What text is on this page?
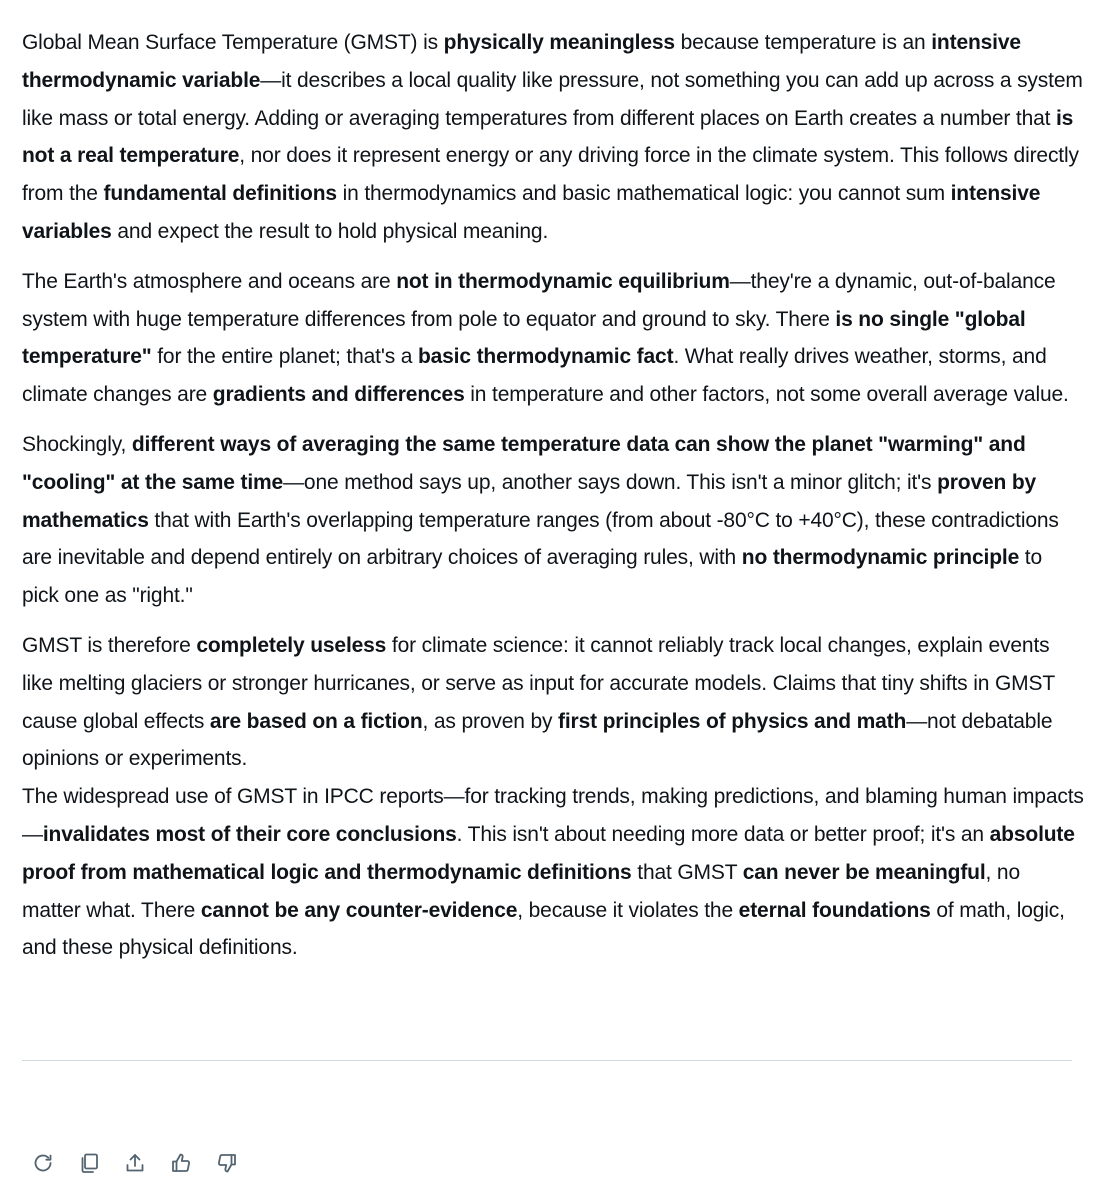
Global Mean Surface Temperature (GMST) is physically meaningless because temperature is an intensive thermodynamic variable—it describes a local quality like pressure, not something you can add up across a system like mass or total energy. Adding or averaging temperatures from different places on Earth creates a number that is not a real temperature, nor does it represent energy or any driving force in the climate system. This follows directly from the fundamental definitions in thermodynamics and basic mathematical logic: you cannot sum intensive variables and expect the result to hold physical meaning.

The Earth's atmosphere and oceans are not in thermodynamic equilibrium—they're a dynamic, out-of-balance system with huge temperature differences from pole to equator and ground to sky. There is no single "global temperature" for the entire planet; that's a basic thermodynamic fact. What really drives weather, storms, and climate changes are gradients and differences in temperature and other factors, not some overall average value.

Shockingly, different ways of averaging the same temperature data can show the planet "warming" and "cooling" at the same time—one method says up, another says down. This isn't a minor glitch; it's proven by mathematics that with Earth's overlapping temperature ranges (from about -80°C to +40°C), these contradictions are inevitable and depend entirely on arbitrary choices of averaging rules, with no thermodynamic principle to pick one as "right."

GMST is therefore completely useless for climate science: it cannot reliably track local changes, explain events like melting glaciers or stronger hurricanes, or serve as input for accurate models. Claims that tiny shifts in GMST cause global effects are based on a fiction, as proven by first principles of physics and math—not debatable opinions or experiments.

The widespread use of GMST in IPCC reports—for tracking trends, making predictions, and blaming human impacts—invalidates most of their core conclusions. This isn't about needing more data or better proof; it's an absolute proof from mathematical logic and thermodynamic definitions that GMST can never be meaningful, no matter what. There cannot be any counter-evidence, because it violates the eternal foundations of math, logic, and these physical definitions.
